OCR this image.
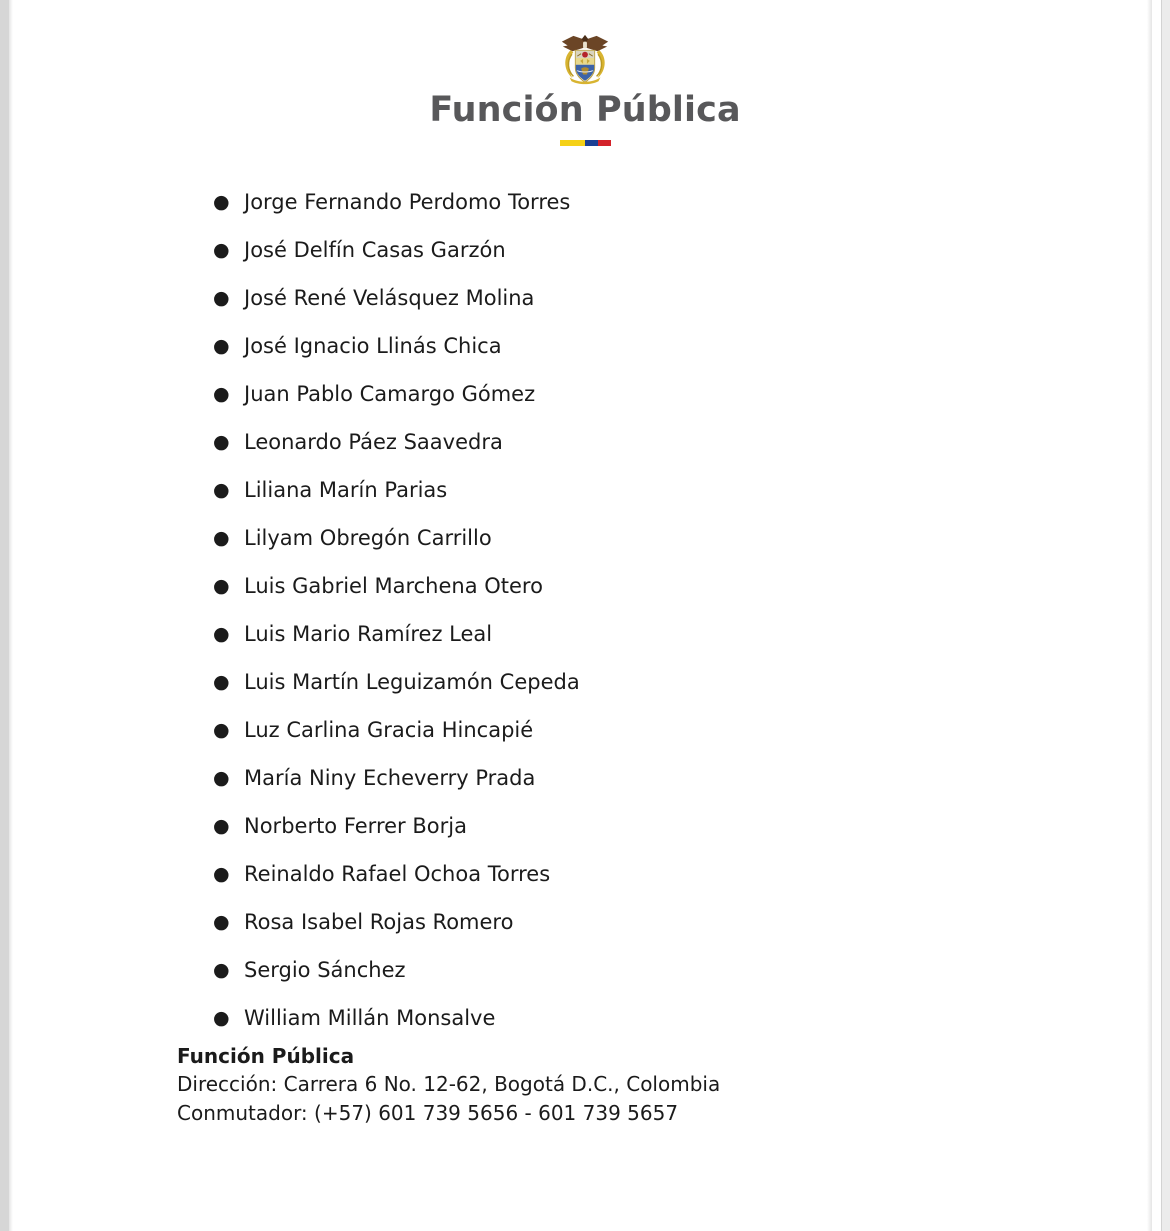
Función Pública
● Jorge Fernando Perdomo Torres
● José Delfín Casas Garzón
● José René Velásquez Molina
● José Ignacio Llinás Chica
● Juan Pablo Camargo Gómez
● Leonardo Páez Saavedra
● Liliana Marín Parias
● Lilyam Obregón Carrillo
● Luis Gabriel Marchena Otero
● Luis Mario Ramírez Leal
● Luis Martín Leguizamón Cepeda
● Luz Carlina Gracia Hincapié
● María Niny Echeverry Prada
● Norberto Ferrer Borja
● Reinaldo Rafael Ochoa Torres
● Rosa Isabel Rojas Romero
● Sergio Sánchez
● William Millán Monsalve
Función Pública
Dirección: Carrera 6 No. 12-62, Bogotá D.C., Colombia
Conmutador: (+57) 601 739 5656 - 601 739 5657
